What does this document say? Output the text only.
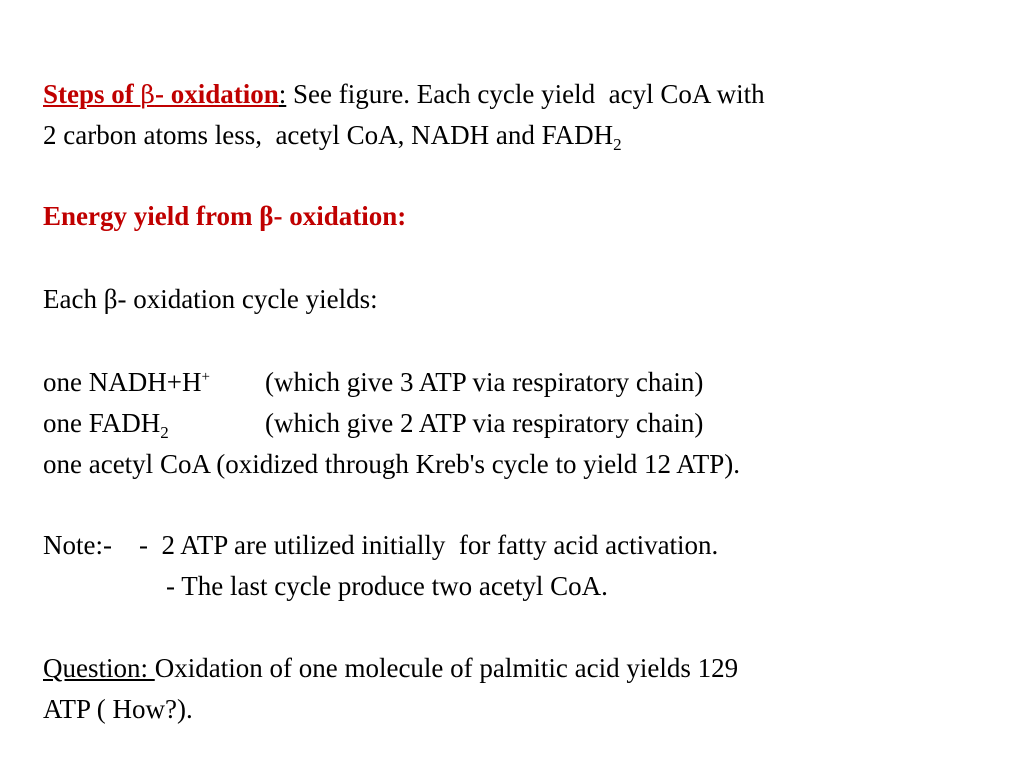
Steps of β- oxidation: See figure. Each cycle yield  acyl CoA with
2 carbon atoms less,  acetyl CoA, NADH and $FADH_2$
Energy yield from β- oxidation:
Each β- oxidation cycle yields:
one NADH+H+ (which give 3 ATP via respiratory chain)
one $FADH_2$	(which give 2 ATP via respiratory chain)
one acetyl CoA (oxidized through Kreb's cycle to yield 12 ATP).
Note:-    -  2 ATP are utilized initially  for fatty acid activation.
- The last cycle produce two acetyl CoA.
Question: Oxidation of one molecule of palmitic acid yields 129
ATP ( How?).
